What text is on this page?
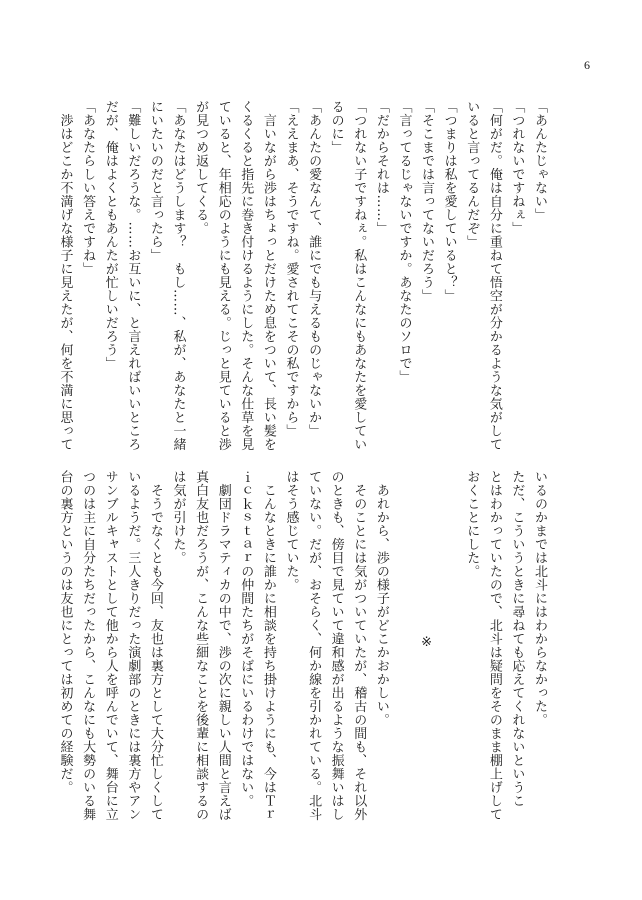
6

「あんたじゃない」

「つれないですねぇ」

「何がだ。俺は自分に重ねて悟空が分かるような気がして

いると言ってるんだぞ」

「つまりは私を愛していると？」

「そこまでは言ってないだろう」

「言ってるじゃないですか。あなたのソロで」

「だからそれは……」

「つれない子ですねぇ。私はこんなにもあなたを愛してい

るのに」

「あんたの愛なんて、誰にでも与えるものじゃないか」

「ええまあ、そうですね。愛されてこその私ですから」

　言いながら渉はちょっとだけため息をついて、長い髪を

くるくると指先に巻き付けるようにした。そんな仕草を見

ていると、年相応のようにも見える。じっと見ていると渉

が見つめ返してくる。

「あなたはどうします？　もし……、私が、あなたと一緒

にいたいのだと言ったら」

「難しいだろうな。……お互いに、と言えればいいところ

だが、俺はよくともあんたが忙しいだろう」

「あなたらしい答えですね」

　渉はどこか不満げな様子に見えたが、何を不満に思って

いるのかまでは北斗にはわからなかった。

ただ、こういうときに尋ねても応えてくれないというこ

とはわかっていたので、北斗は疑問をそのまま棚上げして

おくことにした。

※

　あれから、渉の様子がどこかおかしい。

　そのことには気がついていたが、稽古の間も、それ以外

のときも、傍目で見ていて違和感が出るような振舞いはし

ていない。だが、おそらく、何か線を引かれている。北斗

はそう感じていた。

　こんなときに誰かに相談を持ち掛けようにも、今はＴｒ

ｉｃｋｓｔａｒの仲間たちがそばにいるわけではない。

　劇団ドラマティカの中で、渉の次に親しい人間と言えば

真白友也だろうが、こんな些細なことを後輩に相談するの

は気が引けた。

　そうでなくとも今回、友也は裏方として大分忙しくして

いるようだ。三人きりだった演劇部のときには裏方やアン

サンブルキャストとして他から人を呼んでいて、舞台に立

つのは主に自分たちだったから、こんなにも大勢のいる舞

台の裏方というのは友也にとっては初めての経験だ。
